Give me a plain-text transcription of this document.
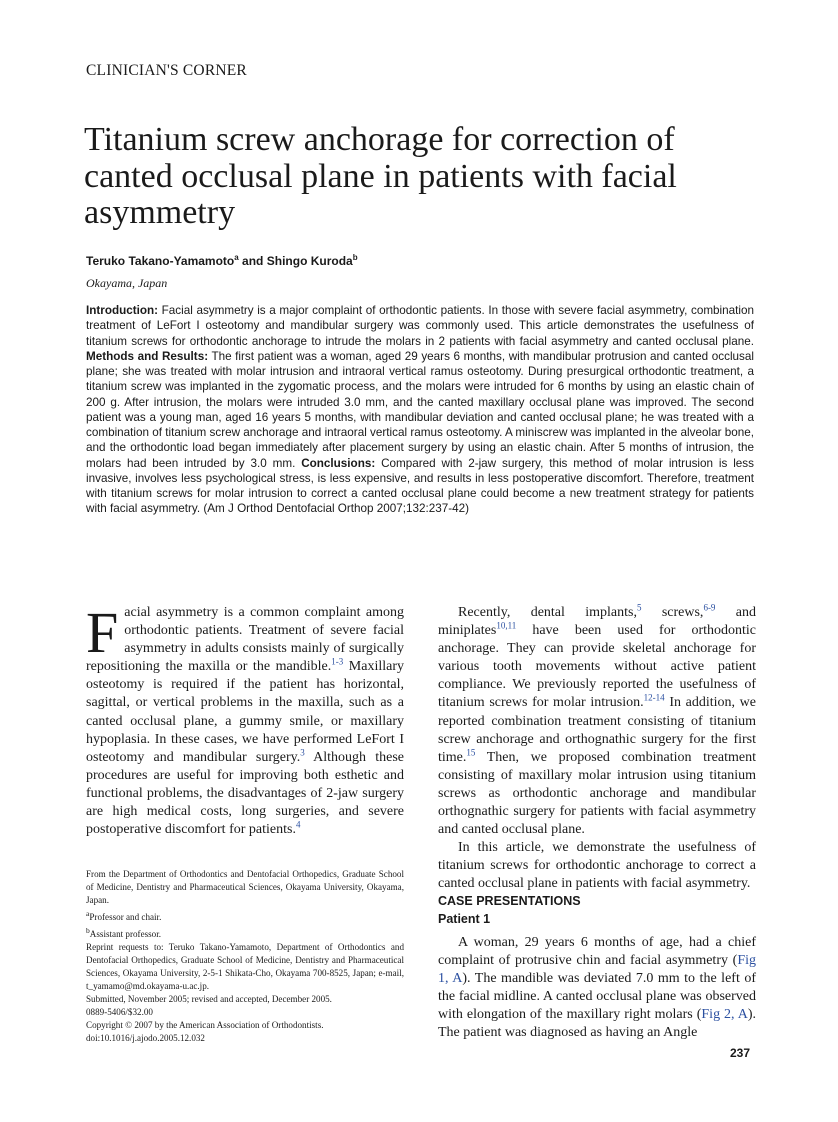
CLINICIAN'S CORNER
Titanium screw anchorage for correction of canted occlusal plane in patients with facial asymmetry
Teruko Takano-Yamamoto$^a$ and Shingo Kuroda$^b$
Okayama, Japan

Introduction: Facial asymmetry is a major complaint of orthodontic patients. In those with severe facial asymmetry, combination treatment of LeFort I osteotomy and mandibular surgery was commonly used. This article demonstrates the usefulness of titanium screws for orthodontic anchorage to intrude the molars in 2 patients with facial asymmetry and canted occlusal plane. Methods and Results: The first patient was a woman, aged 29 years 6 months, with mandibular protrusion and canted occlusal plane; she was treated with molar intrusion and intraoral vertical ramus osteotomy. During presurgical orthodontic treatment, a titanium screw was implanted in the zygomatic process, and the molars were intruded for 6 months by using an elastic chain of 200 g. After intrusion, the molars were intruded 3.0 mm, and the canted maxillary occlusal plane was improved. The second patient was a young man, aged 16 years 5 months, with mandibular deviation and canted occlusal plane; he was treated with a combination of titanium screw anchorage and intraoral vertical ramus osteotomy. A miniscrew was implanted in the alveolar bone, and the orthodontic load began immediately after placement surgery by using an elastic chain. After 5 months of intrusion, the molars had been intruded by 3.0 mm. Conclusions: Compared with 2-jaw surgery, this method of molar intrusion is less invasive, involves less psychological stress, is less expensive, and results in less postoperative discomfort. Therefore, treatment with titanium screws for molar intrusion to correct a canted occlusal plane could become a new treatment strategy for patients with facial asymmetry. (Am J Orthod Dentofacial Orthop 2007;132:237-42)

Facial asymmetry is a common complaint among orthodontic patients. Treatment of severe facial asymmetry in adults consists mainly of surgically repositioning the maxilla or the mandible.$^{1-3}$ Maxillary osteotomy is required if the patient has horizontal, sagittal, or vertical problems in the maxilla, such as a canted occlusal plane, a gummy smile, or maxillary hypoplasia. In these cases, we have performed LeFort I osteotomy and mandibular surgery.$^3$ Although these procedures are useful for improving both esthetic and functional problems, the disadvantages of 2-jaw surgery are high medical costs, long surgeries, and severe postoperative discomfort for patients.$^4$

From the Department of Orthodontics and Dentofacial Orthopedics, Graduate School of Medicine, Dentistry and Pharmaceutical Sciences, Okayama University, Okayama, Japan.

$^a$Professor and chair.

$^b$Assistant professor.

Reprint requests to: Teruko Takano-Yamamoto, Department of Orthodontics and Dentofacial Orthopedics, Graduate School of Medicine, Dentistry and Pharmaceutical Sciences, Okayama University, 2-5-1 Shikata-Cho, Okayama 700-8525, Japan; e-mail, t_yamamo@md.okayama-u.ac.jp.

Submitted, November 2005; revised and accepted, December 2005.

0889-5406/$32.00

Copyright © 2007 by the American Association of Orthodontists.

doi:10.1016/j.ajodo.2005.12.032

Recently, dental implants,$^5$ screws,$^{6-9}$ and miniplates$^{10,11}$ have been used for orthodontic anchorage. They can provide skeletal anchorage for various tooth movements without active patient compliance. We previously reported the usefulness of titanium screws for molar intrusion.$^{12-14}$ In addition, we reported combination treatment consisting of titanium screw anchorage and orthognathic surgery for the first time.$^{15}$ Then, we proposed combination treatment consisting of maxillary molar intrusion using titanium screws as orthodontic anchorage and mandibular orthognathic surgery for patients with facial asymmetry and canted occlusal plane.

In this article, we demonstrate the usefulness of titanium screws for orthodontic anchorage to correct a canted occlusal plane in patients with facial asymmetry.

CASE PRESENTATIONS
Patient 1

A woman, 29 years 6 months of age, had a chief complaint of protrusive chin and facial asymmetry (Fig 1, A). The mandible was deviated 7.0 mm to the left of the facial midline. A canted occlusal plane was observed with elongation of the maxillary right molars (Fig 2, A). The patient was diagnosed as having an Angle

237
